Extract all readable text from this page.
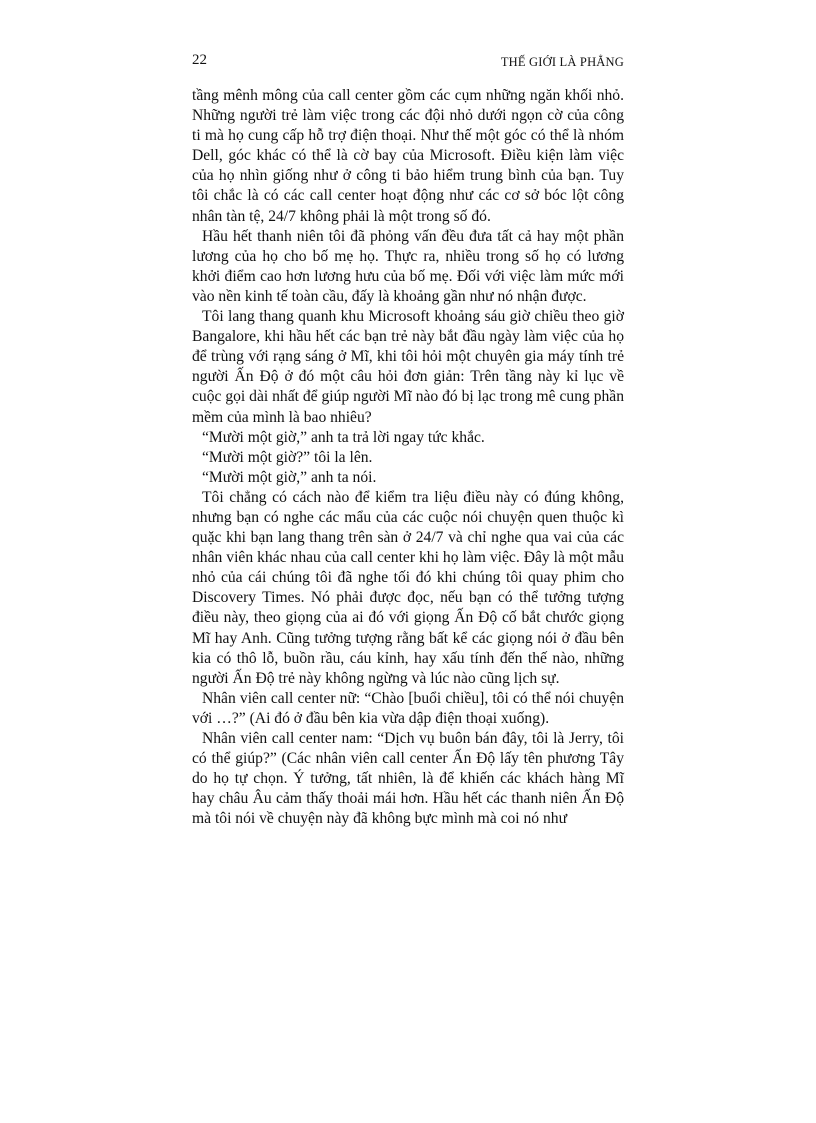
22	THẾ GIỚI LÀ PHẲNG

tầng mênh mông của call center gồm các cụm những ngăn khối nhỏ. Những người trẻ làm việc trong các đội nhỏ dưới ngọn cờ của công ti mà họ cung cấp hỗ trợ điện thoại. Như thế một góc có thể là nhóm Dell, góc khác có thể là cờ bay của Microsoft. Điều kiện làm việc của họ nhìn giống như ở công ti bảo hiểm trung bình của bạn. Tuy tôi chắc là có các call center hoạt động như các cơ sở bóc lột công nhân tàn tệ, 24/7 không phải là một trong số đó.

Hầu hết thanh niên tôi đã phỏng vấn đều đưa tất cả hay một phần lương của họ cho bố mẹ họ. Thực ra, nhiều trong số họ có lương khởi điểm cao hơn lương hưu của bố mẹ. Đối với việc làm mức mới vào nền kinh tế toàn cầu, đấy là khoảng gần như nó nhận được.

Tôi lang thang quanh khu Microsoft khoảng sáu giờ chiều theo giờ Bangalore, khi hầu hết các bạn trẻ này bắt đầu ngày làm việc của họ để trùng với rạng sáng ở Mĩ, khi tôi hỏi một chuyên gia máy tính trẻ người Ấn Độ ở đó một câu hỏi đơn giản: Trên tầng này kỉ lục về cuộc gọi dài nhất để giúp người Mĩ nào đó bị lạc trong mê cung phần mềm của mình là bao nhiêu?

“Mười một giờ,” anh ta trả lời ngay tức khắc.

“Mười một giờ?” tôi la lên.

“Mười một giờ,” anh ta nói.

Tôi chẳng có cách nào để kiểm tra liệu điều này có đúng không, nhưng bạn có nghe các mẩu của các cuộc nói chuyện quen thuộc kì quặc khi bạn lang thang trên sàn ở 24/7 và chỉ nghe qua vai của các nhân viên khác nhau của call center khi họ làm việc. Đây là một mẫu nhỏ của cái chúng tôi đã nghe tối đó khi chúng tôi quay phim cho Discovery Times. Nó phải được đọc, nếu bạn có thể tưởng tượng điều này, theo giọng của ai đó với giọng Ấn Độ cố bắt chước giọng Mĩ hay Anh. Cũng tưởng tượng rằng bất kể các giọng nói ở đầu bên kia có thô lỗ, buồn rầu, cáu kỉnh, hay xấu tính đến thế nào, những người Ấn Độ trẻ này không ngừng và lúc nào cũng lịch sự.

Nhân viên call center nữ: “Chào [buổi chiều], tôi có thể nói chuyện với …?” (Ai đó ở đầu bên kia vừa dập điện thoại xuống).

Nhân viên call center nam: “Dịch vụ buôn bán đây, tôi là Jerry, tôi có thể giúp?” (Các nhân viên call center Ấn Độ lấy tên phương Tây do họ tự chọn. Ý tưởng, tất nhiên, là để khiến các khách hàng Mĩ hay châu Âu cảm thấy thoải mái hơn. Hầu hết các thanh niên Ấn Độ mà tôi nói về chuyện này đã không bực mình mà coi nó như
